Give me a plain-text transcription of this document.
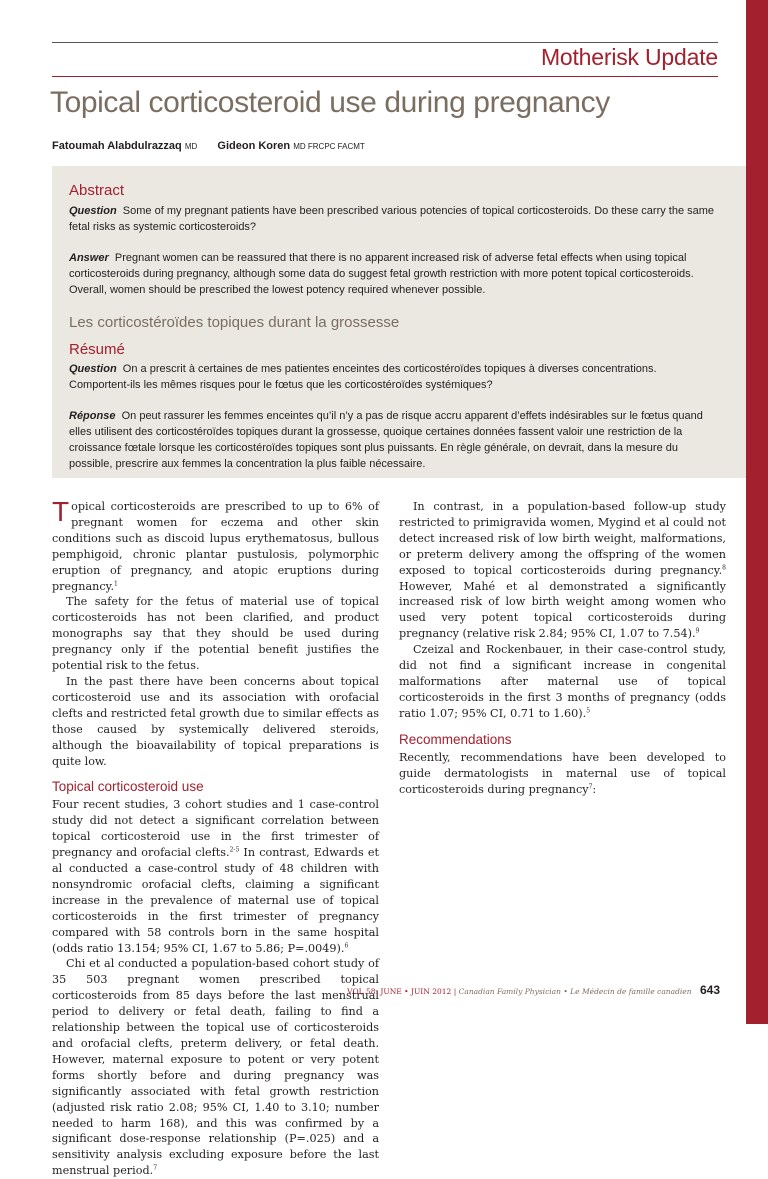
Motherisk Update
Topical corticosteroid use during pregnancy
Fatoumah Alabdulrazzaq MD Gideon Koren MD FRCPC FACMT
Abstract
Question Some of my pregnant patients have been prescribed various potencies of topical corticosteroids. Do these carry the same fetal risks as systemic corticosteroids?
Answer Pregnant women can be reassured that there is no apparent increased risk of adverse fetal effects when using topical corticosteroids during pregnancy, although some data do suggest fetal growth restriction with more potent topical corticosteroids. Overall, women should be prescribed the lowest potency required whenever possible.
Les corticostéroïdes topiques durant la grossesse
Résumé
Question On a prescrit à certaines de mes patientes enceintes des corticostéroïdes topiques à diverses concentrations. Comportent-ils les mêmes risques pour le fœtus que les corticostéroïdes systémiques?
Réponse On peut rassurer les femmes enceintes qu’il n’y a pas de risque accru apparent d’effets indésirables sur le fœtus quand elles utilisent des corticostéroïdes topiques durant la grossesse, quoique certaines données fassent valoir une restriction de la croissance fœtale lorsque les corticostéroïdes topiques sont plus puissants. En règle générale, on devrait, dans la mesure du possible, prescrire aux femmes la concentration la plus faible nécessaire.

Topical corticosteroids are prescribed to up to 6% of pregnant women for eczema and other skin conditions such as discoid lupus erythematosus, bullous pemphigoid, chronic plantar pustulosis, polymorphic eruption of pregnancy, and atopic eruptions during pregnancy.$^1$

The safety for the fetus of material use of topical corticosteroids has not been clarified, and product monographs say that they should be used during pregnancy only if the potential benefit justifies the potential risk to the fetus.

In the past there have been concerns about topical corticosteroid use and its association with orofacial clefts and restricted fetal growth due to similar effects as those caused by systemically delivered steroids, although the bioavailability of topical preparations is quite low.

Topical corticosteroid use

Four recent studies, 3 cohort studies and 1 case-control study did not detect a significant correlation between topical corticosteroid use in the first trimester of pregnancy and orofacial clefts.$^{2-5}$ In contrast, Edwards et al conducted a case-control study of 48 children with nonsyndromic orofacial clefts, claiming a significant increase in the prevalence of maternal use of topical corticosteroids in the first trimester of pregnancy compared with 58 controls born in the same hospital (odds ratio 13.154; 95% CI, 1.67 to 5.86; P=.0049).$^6$

Chi et al conducted a population-based cohort study of 35 503 pregnant women prescribed topical corticosteroids from 85 days before the last menstrual period to delivery or fetal death, failing to find a relationship between the topical use of corticosteroids and orofacial clefts, preterm delivery, or fetal death. However, maternal exposure to potent or very potent forms shortly before and during pregnancy was significantly associated with fetal growth restriction (adjusted risk ratio 2.08; 95% CI, 1.40 to 3.10; number needed to harm 168), and this was confirmed by a significant dose-response relationship (P=.025) and a sensitivity analysis excluding exposure before the last menstrual period.$^7$

In contrast, in a population-based follow-up study restricted to primigravida women, Mygind et al could not detect increased risk of low birth weight, malformations, or preterm delivery among the offspring of the women exposed to topical corticosteroids during pregnancy.$^8$ However, Mahé et al demonstrated a significantly increased risk of low birth weight among women who used very potent topical corticosteroids during pregnancy (relative risk 2.84; 95% CI, 1.07 to 7.54).$^9$

Czeizal and Rockenbauer, in their case-control study, did not find a significant increase in congenital malformations after maternal use of topical corticosteroids in the first 3 months of pregnancy (odds ratio 1.07; 95% CI, 0.71 to 1.60).$^5$

Recommendations

Recently, recommendations have been developed to guide dermatologists in maternal use of topical corticosteroids during pregnancy$^7$:

VOL 58: JUNE • JUIN 2012 | Canadian Family Physician • Le Médecin de famille canadien 643
